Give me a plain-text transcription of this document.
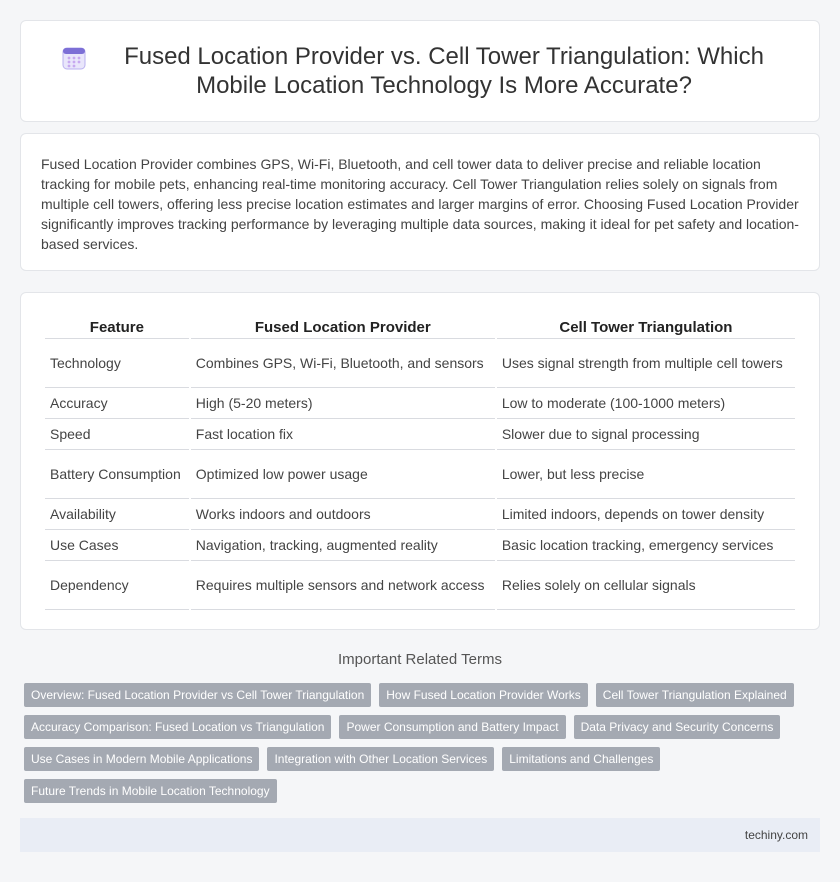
Fused Location Provider vs. Cell Tower Triangulation: Which Mobile Location Technology Is More Accurate?

Fused Location Provider combines GPS, Wi-Fi, Bluetooth, and cell tower data to deliver precise and reliable location tracking for mobile pets, enhancing real-time monitoring accuracy. Cell Tower Triangulation relies solely on signals from multiple cell towers, offering less precise location estimates and larger margins of error. Choosing Fused Location Provider significantly improves tracking performance by leveraging multiple data sources, making it ideal for pet safety and location-based services.

Feature	Fused Location Provider	Cell Tower Triangulation
Technology	Combines GPS, Wi-Fi, Bluetooth, and sensors	Uses signal strength from multiple cell towers
Accuracy	High (5-20 meters)	Low to moderate (100-1000 meters)
Speed	Fast location fix	Slower due to signal processing
Battery Consumption	Optimized low power usage	Lower, but less precise
Availability	Works indoors and outdoors	Limited indoors, depends on tower density
Use Cases	Navigation, tracking, augmented reality	Basic location tracking, emergency services
Dependency	Requires multiple sensors and network access	Relies solely on cellular signals
Important Related Terms
Overview: Fused Location Provider vs Cell Tower Triangulation	How Fused Location Provider Works	Cell Tower Triangulation Explained
Accuracy Comparison: Fused Location vs Triangulation	Power Consumption and Battery Impact	Data Privacy and Security Concerns
Use Cases in Modern Mobile Applications	Integration with Other Location Services	Limitations and Challenges
Future Trends in Mobile Location Technology
techiny.com
